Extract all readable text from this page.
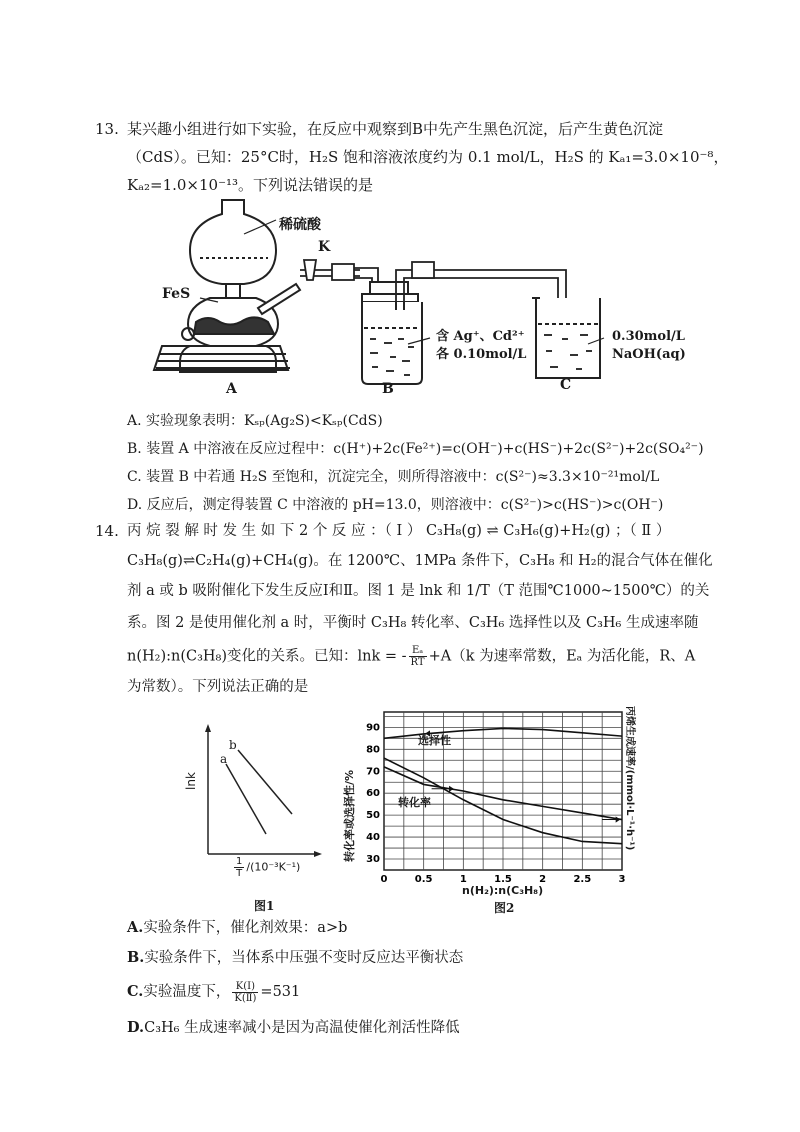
13. 某兴趣小组进行如下实验，在反应中观察到B中先产生黑色沉淀，后产生黄色沉淀
（CdS）。已知：25°C时，H₂S 饱和溶液浓度约为 0.1 mol/L，H₂S 的 Kₐ₁=3.0×10⁻⁸，
Kₐ₂=1.0×10⁻¹³。下列说法错误的是
稀硫酸
K
FeS
含 Ag⁺、Cd²⁺
各 0.10mol/L
0.30mol/L
NaOH(aq)
A	B	C
A. 实验现象表明：Kₛₚ(Ag₂S)<Kₛₚ(CdS)
B. 装置 A 中溶液在反应过程中：c(H⁺)+2c(Fe²⁺)=c(OH⁻)+c(HS⁻)+2c(S²⁻)+2c(SO₄²⁻)
C. 装置 B 中若通 H₂S 至饱和，沉淀完全，则所得溶液中：c(S²⁻)≈3.3×10⁻²¹mol/L
D. 反应后，测定得装置 C 中溶液的 pH=13.0，则溶液中：c(S²⁻)>c(HS⁻)>c(OH⁻)
14. 丙 烷 裂 解 时 发 生 如 下 2 个 反 应 ：（ Ⅰ ） C₃H₈(g) ⇌ C₃H₆(g)+H₂(g) ；（ Ⅱ ）
C₃H₈(g)⇌C₂H₄(g)+CH₄(g)。在 1200℃、1MPa 条件下，C₃H₈ 和 H₂的混合气体在催化
剂 a 或 b 吸附催化下发生反应Ⅰ和Ⅱ。图 1 是 lnk 和 1/T（T 范围℃1000~1500℃）的关
系。图 2 是使用催化剂 a 时，平衡时 C₃H₈ 转化率、C₃H₆ 选择性以及 C₃H₆ 生成速率随
n(H₂):n(C₃H₈)变化的关系。已知：lnk = - $\frac{\text{Eₐ}}{RT} +A(k$ 为速率常数，Eₐ 为活化能，R、A
为常数）。下列说法正确的是
lnk
a
b
$\frac{1}{T} /(10^{-3}K^{-1})$
图1
0	0.5	1	1.5	2	2.5	3
30
40
50
60
70
80
90
转化率或选择性/%	丙烯生成速率/(mmol·L⁻¹·h⁻¹)
选择性
转化率
n(H₂):n(C₃H₈)
图2
A.实验条件下，催化剂效果：a>b
B.实验条件下，当体系中压强不变时反应达平衡状态
C.实验温度下， $\frac{\text{K(Ⅰ)}}{\text{K(Ⅱ)}} =531$
D.C₃H₆ 生成速率减小是因为高温使催化剂活性降低
